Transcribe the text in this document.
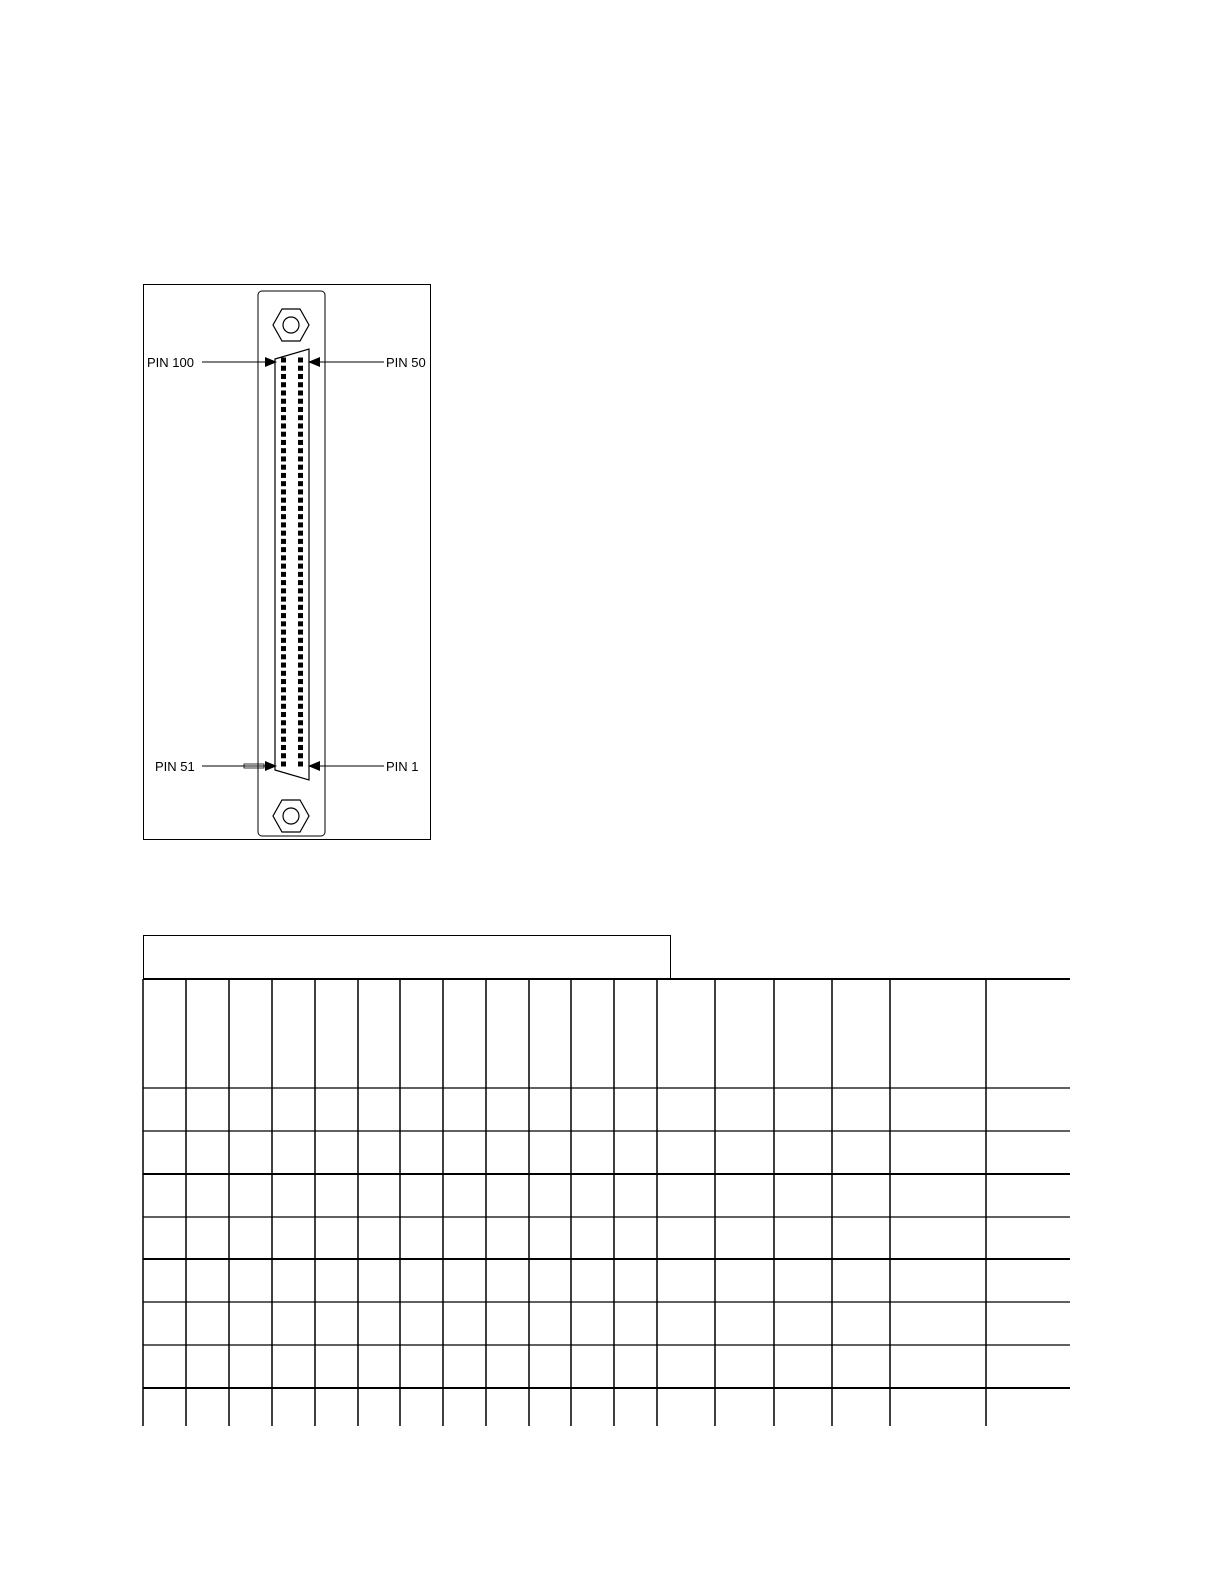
PIN 100	PIN 50
PIN 51	PIN 1
